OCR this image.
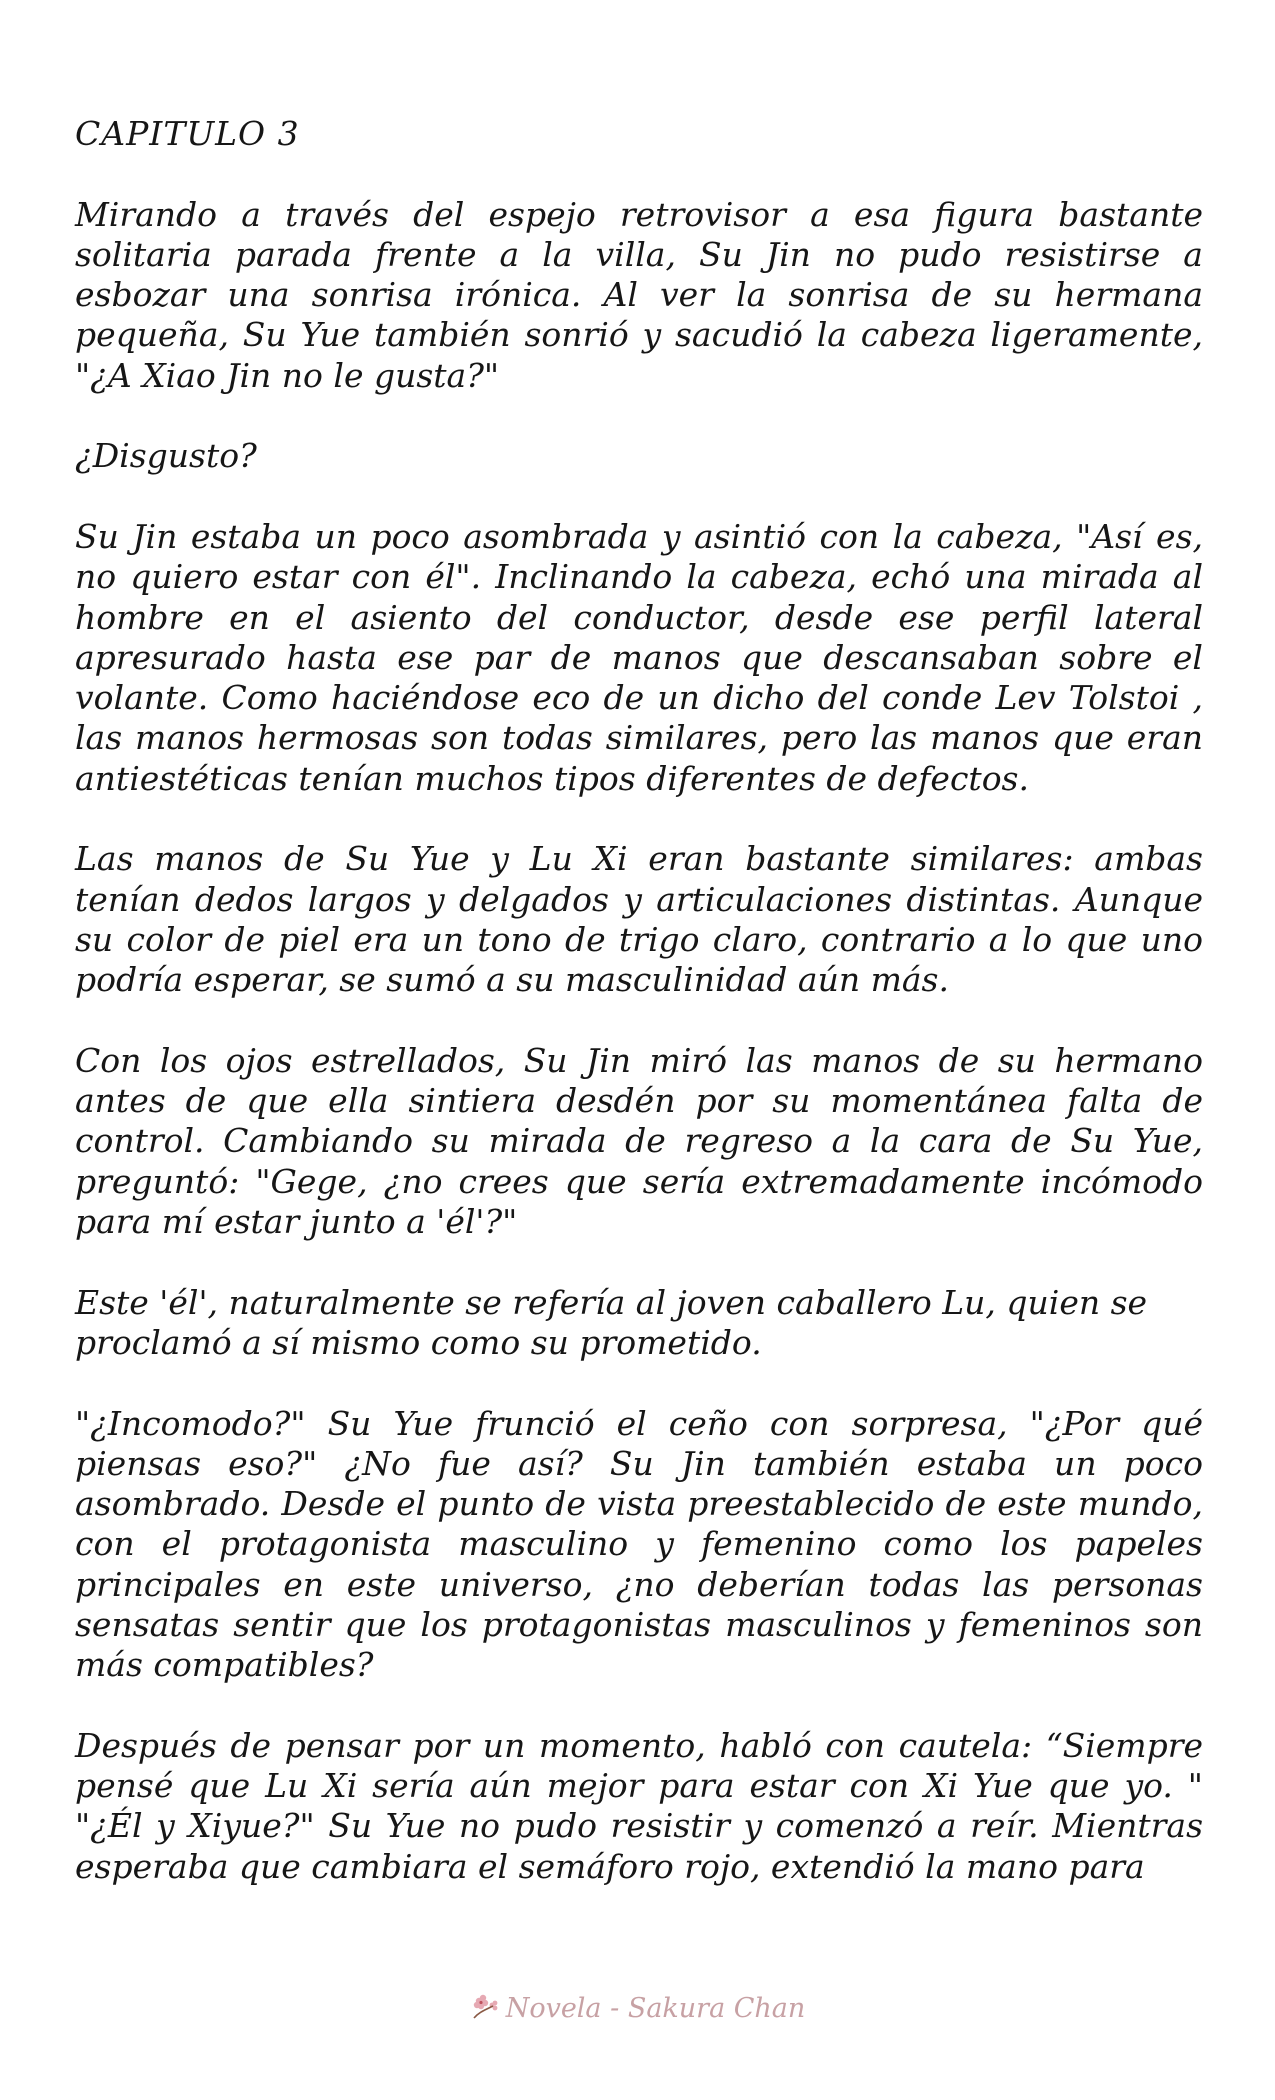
CAPITULO 3

Mirando a través del espejo retrovisor a esa figura bastante solitaria parada frente a la villa, Su Jin no pudo resistirse a esbozar una sonrisa irónica. Al ver la sonrisa de su hermana pequeña, Su Yue también sonrió y sacudió la cabeza ligeramente, "¿A Xiao Jin no le gusta?"

¿Disgusto?

Su Jin estaba un poco asombrada y asintió con la cabeza, "Así es, no quiero estar con él". Inclinando la cabeza, echó una mirada al hombre en el asiento del conductor, desde ese perfil lateral apresurado hasta ese par de manos que descansaban sobre el volante. Como haciéndose eco de un dicho del conde Lev Tolstoi , las manos hermosas son todas similares, pero las manos que eran antiestéticas tenían muchos tipos diferentes de defectos.

Las manos de Su Yue y Lu Xi eran bastante similares: ambas tenían dedos largos y delgados y articulaciones distintas. Aunque su color de piel era un tono de trigo claro, contrario a lo que uno podría esperar, se sumó a su masculinidad aún más.

Con los ojos estrellados, Su Jin miró las manos de su hermano antes de que ella sintiera desdén por su momentánea falta de control. Cambiando su mirada de regreso a la cara de Su Yue, preguntó: "Gege, ¿no crees que sería extremadamente incómodo para mí estar junto a 'él'?"

Este 'él', naturalmente se refería al joven caballero Lu, quien se proclamó a sí mismo como su prometido.

"¿Incomodo?" Su Yue frunció el ceño con sorpresa, "¿Por qué piensas eso?" ¿No fue así? Su Jin también estaba un poco asombrado. Desde el punto de vista preestablecido de este mundo, con el protagonista masculino y femenino como los papeles principales en este universo, ¿no deberían todas las personas sensatas sentir que los protagonistas masculinos y femeninos son más compatibles?

Después de pensar por un momento, habló con cautela: “Siempre pensé que Lu Xi sería aún mejor para estar con Xi Yue que yo. " "¿Él y Xiyue?" Su Yue no pudo resistir y comenzó a reír. Mientras esperaba que cambiara el semáforo rojo, extendió la mano para

Novela - Sakura Chan
